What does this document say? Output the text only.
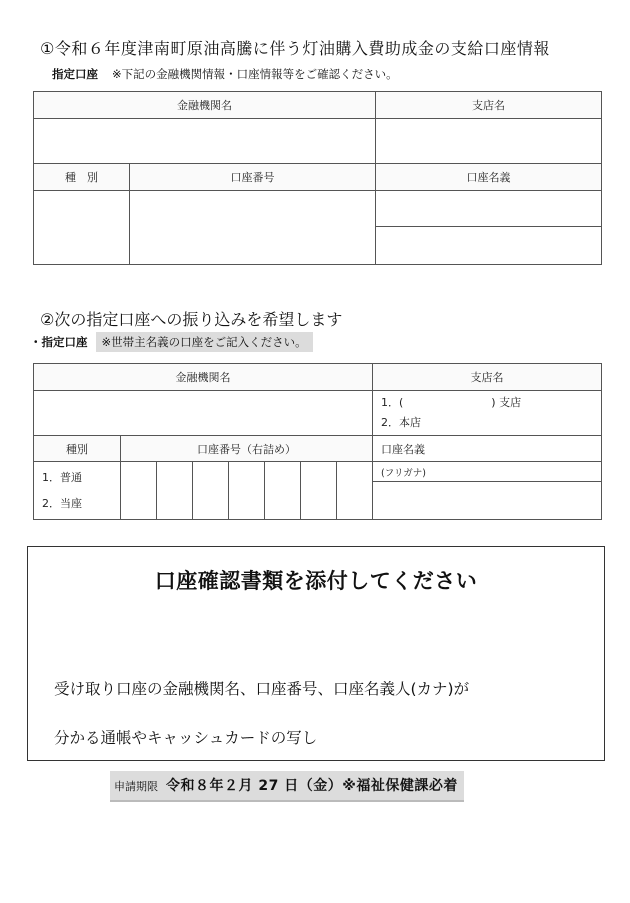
①令和６年度津南町原油高騰に伴う灯油購入費助成金の支給口座情報
指定口座 ※下記の金融機関情報・口座情報等をご確認ください。
金融機関名		支店名

種　別	口座番号	口座名義

②次の指定口座への振り込みを希望します
・指定口座 ※世帯主名義の口座をご記入ください。
金融機関名								支店名

								1．(　　　　　　　　) 支店
2．本店

種別	口座番号（右詰め）							口座名義

1．普通
2．当座								(フリガナ)

口座確認書類を添付してください
受け取り口座の金融機関名、口座番号、口座名義人(カナ)が
分かる通帳やキャッシュカードの写し
申請期限 令和８年２月 27 日（金）※福祉保健課必着
